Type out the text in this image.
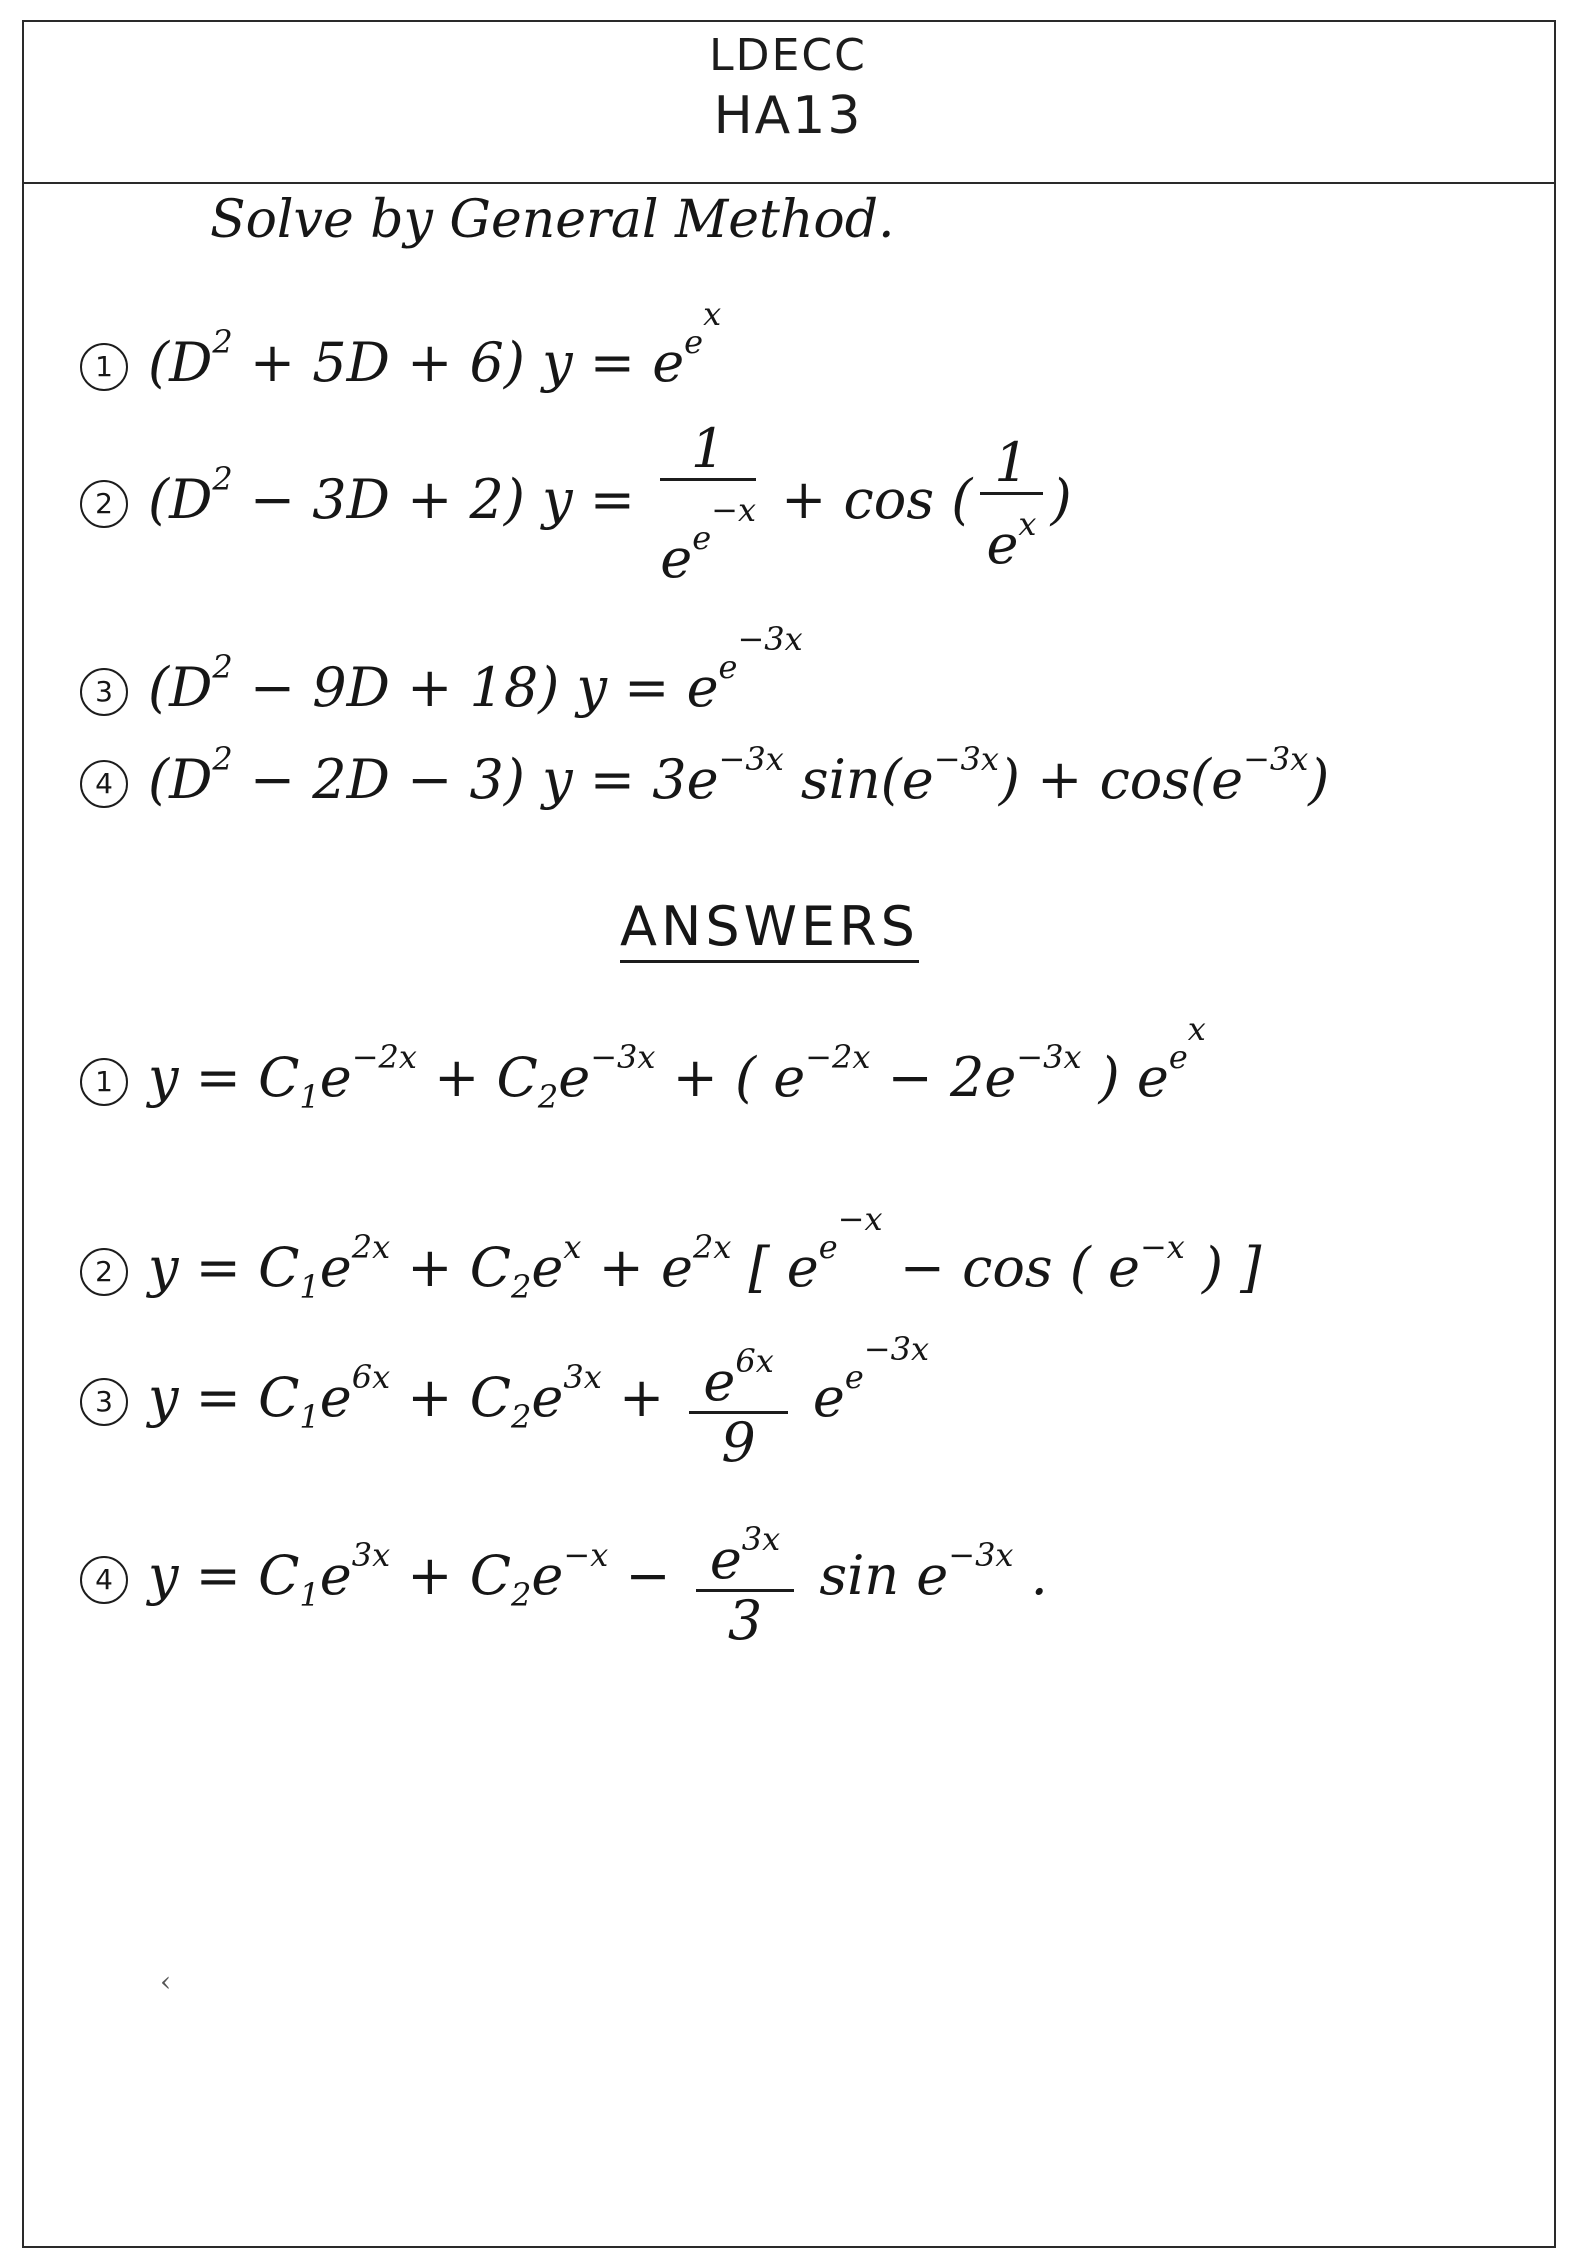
LDECC
HA13
Solve by General Method.
1 $(D^2 + 5D + 6) y = e^{e^x}$
2 $(D^2 - 3D + 2) y = \frac{1}{e^{e^{-x}}} + \cos$ ( $\frac{1}{e^x}$ )
3 $(D^2 - 9D + 18) y = e^{e^{-3x}}$
4 $(D^2 - 2D - 3) y = 3e^{-3x}$ $\sin(e^{-3x}) + \cos(e^{-3x})$
ANSWERS
1 $y = C_1e^{-2x} + C_2e^{-3x}$ + ( $e^{-2x} - 2e^{-3x}$ ) $e^{e^x}$
2 $y = C_1e^{2x} + C_2e^x + e^{2x}$ [ $e^{e^{-x}} - \cos$ ( $e^{-x}$ ) ]
3 $y = C_1e^{6x} + C_2e^{3x} + \frac{e^{6x}}{9} e^{e^{-3x}}$
4 $y = C_1e^{3x} + C_2e^{-x} - \frac{e^{3x}}{3}$ $\sin e^{-3x}$ .
‹
